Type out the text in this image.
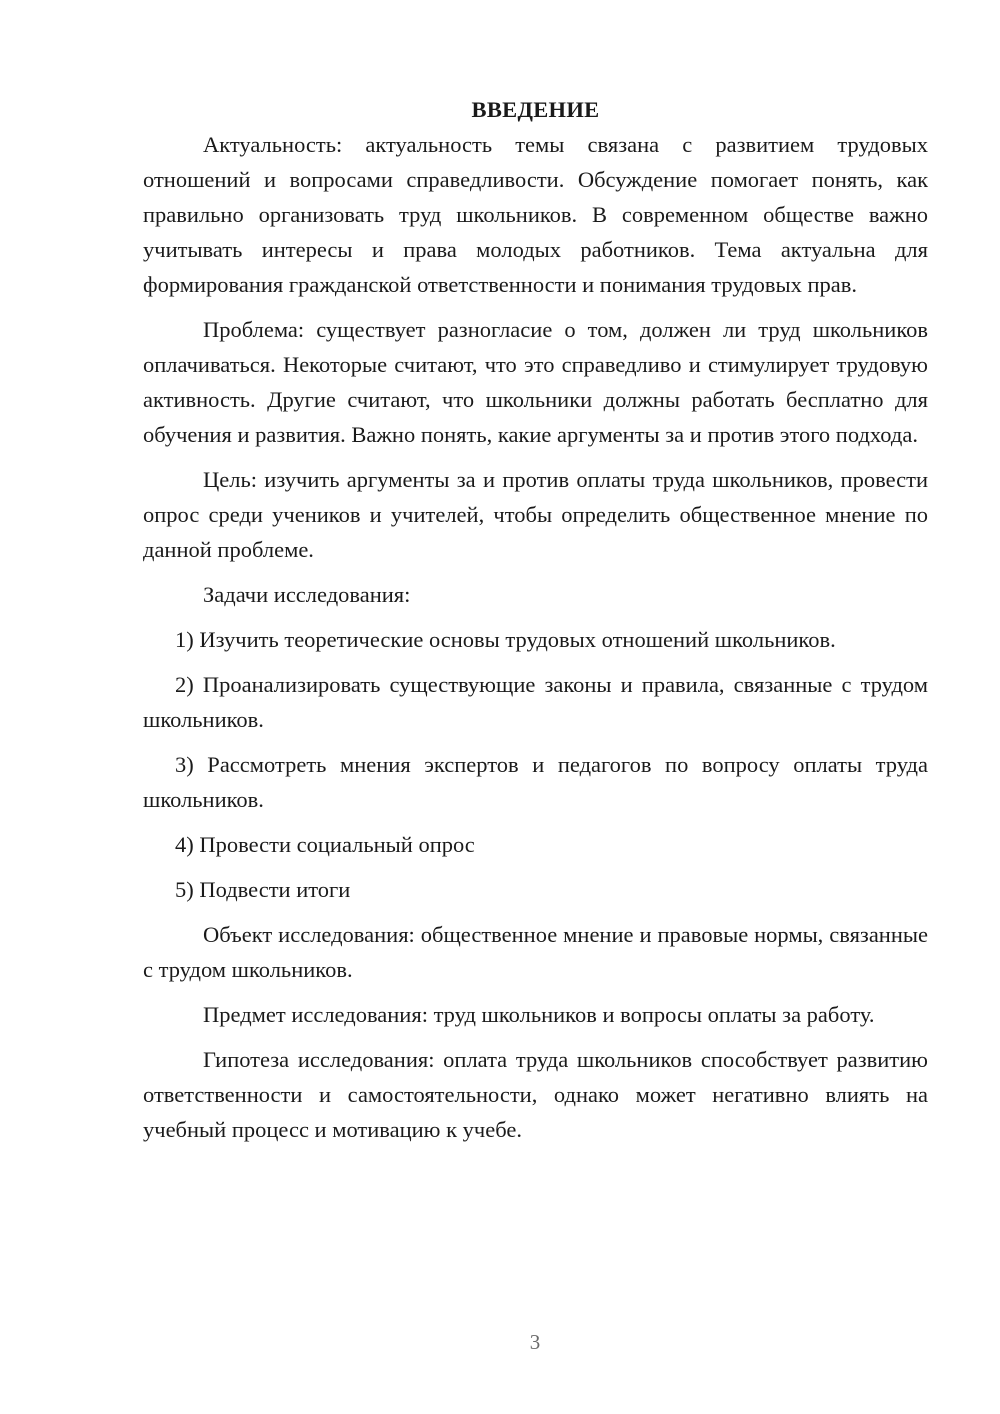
ВВЕДЕНИЕ

Актуальность: актуальность темы связана с развитием трудовых отношений и вопросами справедливости. Обсуждение помогает понять, как правильно организовать труд школьников. В современном обществе важно учитывать интересы и права молодых работников. Тема актуальна для формирования гражданской ответственности и понимания трудовых прав.

Проблема: существует разногласие о том, должен ли труд школьников оплачиваться. Некоторые считают, что это справедливо и стимулирует трудовую активность. Другие считают, что школьники должны работать бесплатно для обучения и развития. Важно понять, какие аргументы за и против этого подхода.

Цель: изучить аргументы за и против оплаты труда школьников, провести опрос среди учеников и учителей, чтобы определить общественное мнение по данной проблеме.

Задачи исследования:

1) Изучить теоретические основы трудовых отношений школьников.

2) Проанализировать существующие законы и правила, связанные с трудом школьников.

3) Рассмотреть мнения экспертов и педагогов по вопросу оплаты труда школьников.

4) Провести социальный опрос

5) Подвести итоги

Объект исследования: общественное мнение и правовые нормы, связанные с трудом школьников.

Предмет исследования: труд школьников и вопросы оплаты за работу.

Гипотеза исследования: оплата труда школьников способствует развитию ответственности и самостоятельности, однако может негативно влиять на учебный процесс и мотивацию к учебе.

3
